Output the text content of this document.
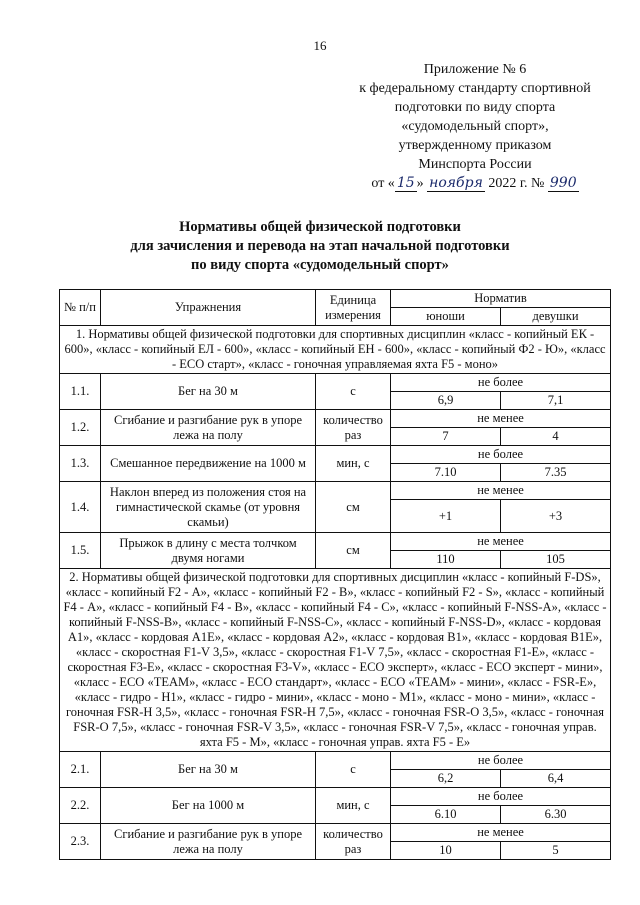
16
Приложение № 6
к федеральному стандарту спортивной
подготовки по виду спорта
«судомодельный спорт»,
утвержденному приказом
Минспорта России
от « 15 » ноября 2022 г. № 990
Нормативы общей физической подготовки
для зачисления и перевода на этап начальной подготовки
по виду спорта «судомодельный спорт»
№ п/п	Упражнения	Единица измерения	Норматив	
			юноши	девушки
1. Нормативы общей физической подготовки для спортивных дисциплин «класс - копийный ЕК - 600», «класс - копийный ЕЛ - 600», «класс - копийный ЕН - 600», «класс - копийный Ф2 - Ю», «класс - ЕСО старт», «класс - гоночная управляемая яхта F5 - моно»				
1.1.	Бег на 30 м	с	не более	
			6,9	7,1
1.2.	Сгибание и разгибание рук в упоре лежа на полу	количество раз	не менее	
			7	4
1.3.	Смешанное передвижение на 1000 м	мин, с	не более	
			7.10	7.35
1.4.	Наклон вперед из положения стоя на гимнастической скамье (от уровня скамьи)	см	не менее	
			+1	+3
1.5.	Прыжок в длину с места толчком двумя ногами	см	не менее	
			110	105
2. Нормативы общей физической подготовки для спортивных дисциплин «класс - копийный F-DS», «класс - копийный F2 - А», «класс - копийный F2 - В», «класс - копийный F2 - S», «класс - копийный F4 - А», «класс - копийный F4 - В», «класс - копийный F4 - С», «класс - копийный F-NSS-А», «класс - копийный F-NSS-В», «класс - копийный F-NSS-С», «класс - копийный F-NSS-D», «класс - кордовая A1», «класс - кордовая A1E», «класс - кордовая A2», «класс - кордовая B1», «класс - кордовая B1E», «класс - скоростная F1-V 3,5», «класс - скоростная F1-V 7,5», «класс - скоростная F1-E», «класс - скоростная F3-E», «класс - скоростная F3-V», «класс - ЕСО эксперт», «класс - ЕСО эксперт - мини», «класс - ЕСО «TEAM», «класс - ЕСО стандарт», «класс - ЕСО «TEAM» - мини», «класс - FSR-E», «класс - гидро - H1», «класс - гидро - мини», «класс - моно - M1», «класс - моно - мини», «класс - гоночная FSR-H 3,5», «класс - гоночная FSR-H 7,5», «класс - гоночная FSR-O 3,5», «класс - гоночная FSR-O 7,5», «класс - гоночная FSR-V 3,5», «класс - гоночная FSR-V 7,5», «класс - гоночная управ. яхта F5 - M», «класс - гоночная управ. яхта F5 - E»				
2.1.	Бег на 30 м	с	не более	
			6,2	6,4
2.2.	Бег на 1000 м	мин, с	не более	
			6.10	6.30
2.3.	Сгибание и разгибание рук в упоре лежа на полу	количество раз	не менее	
			10	5
